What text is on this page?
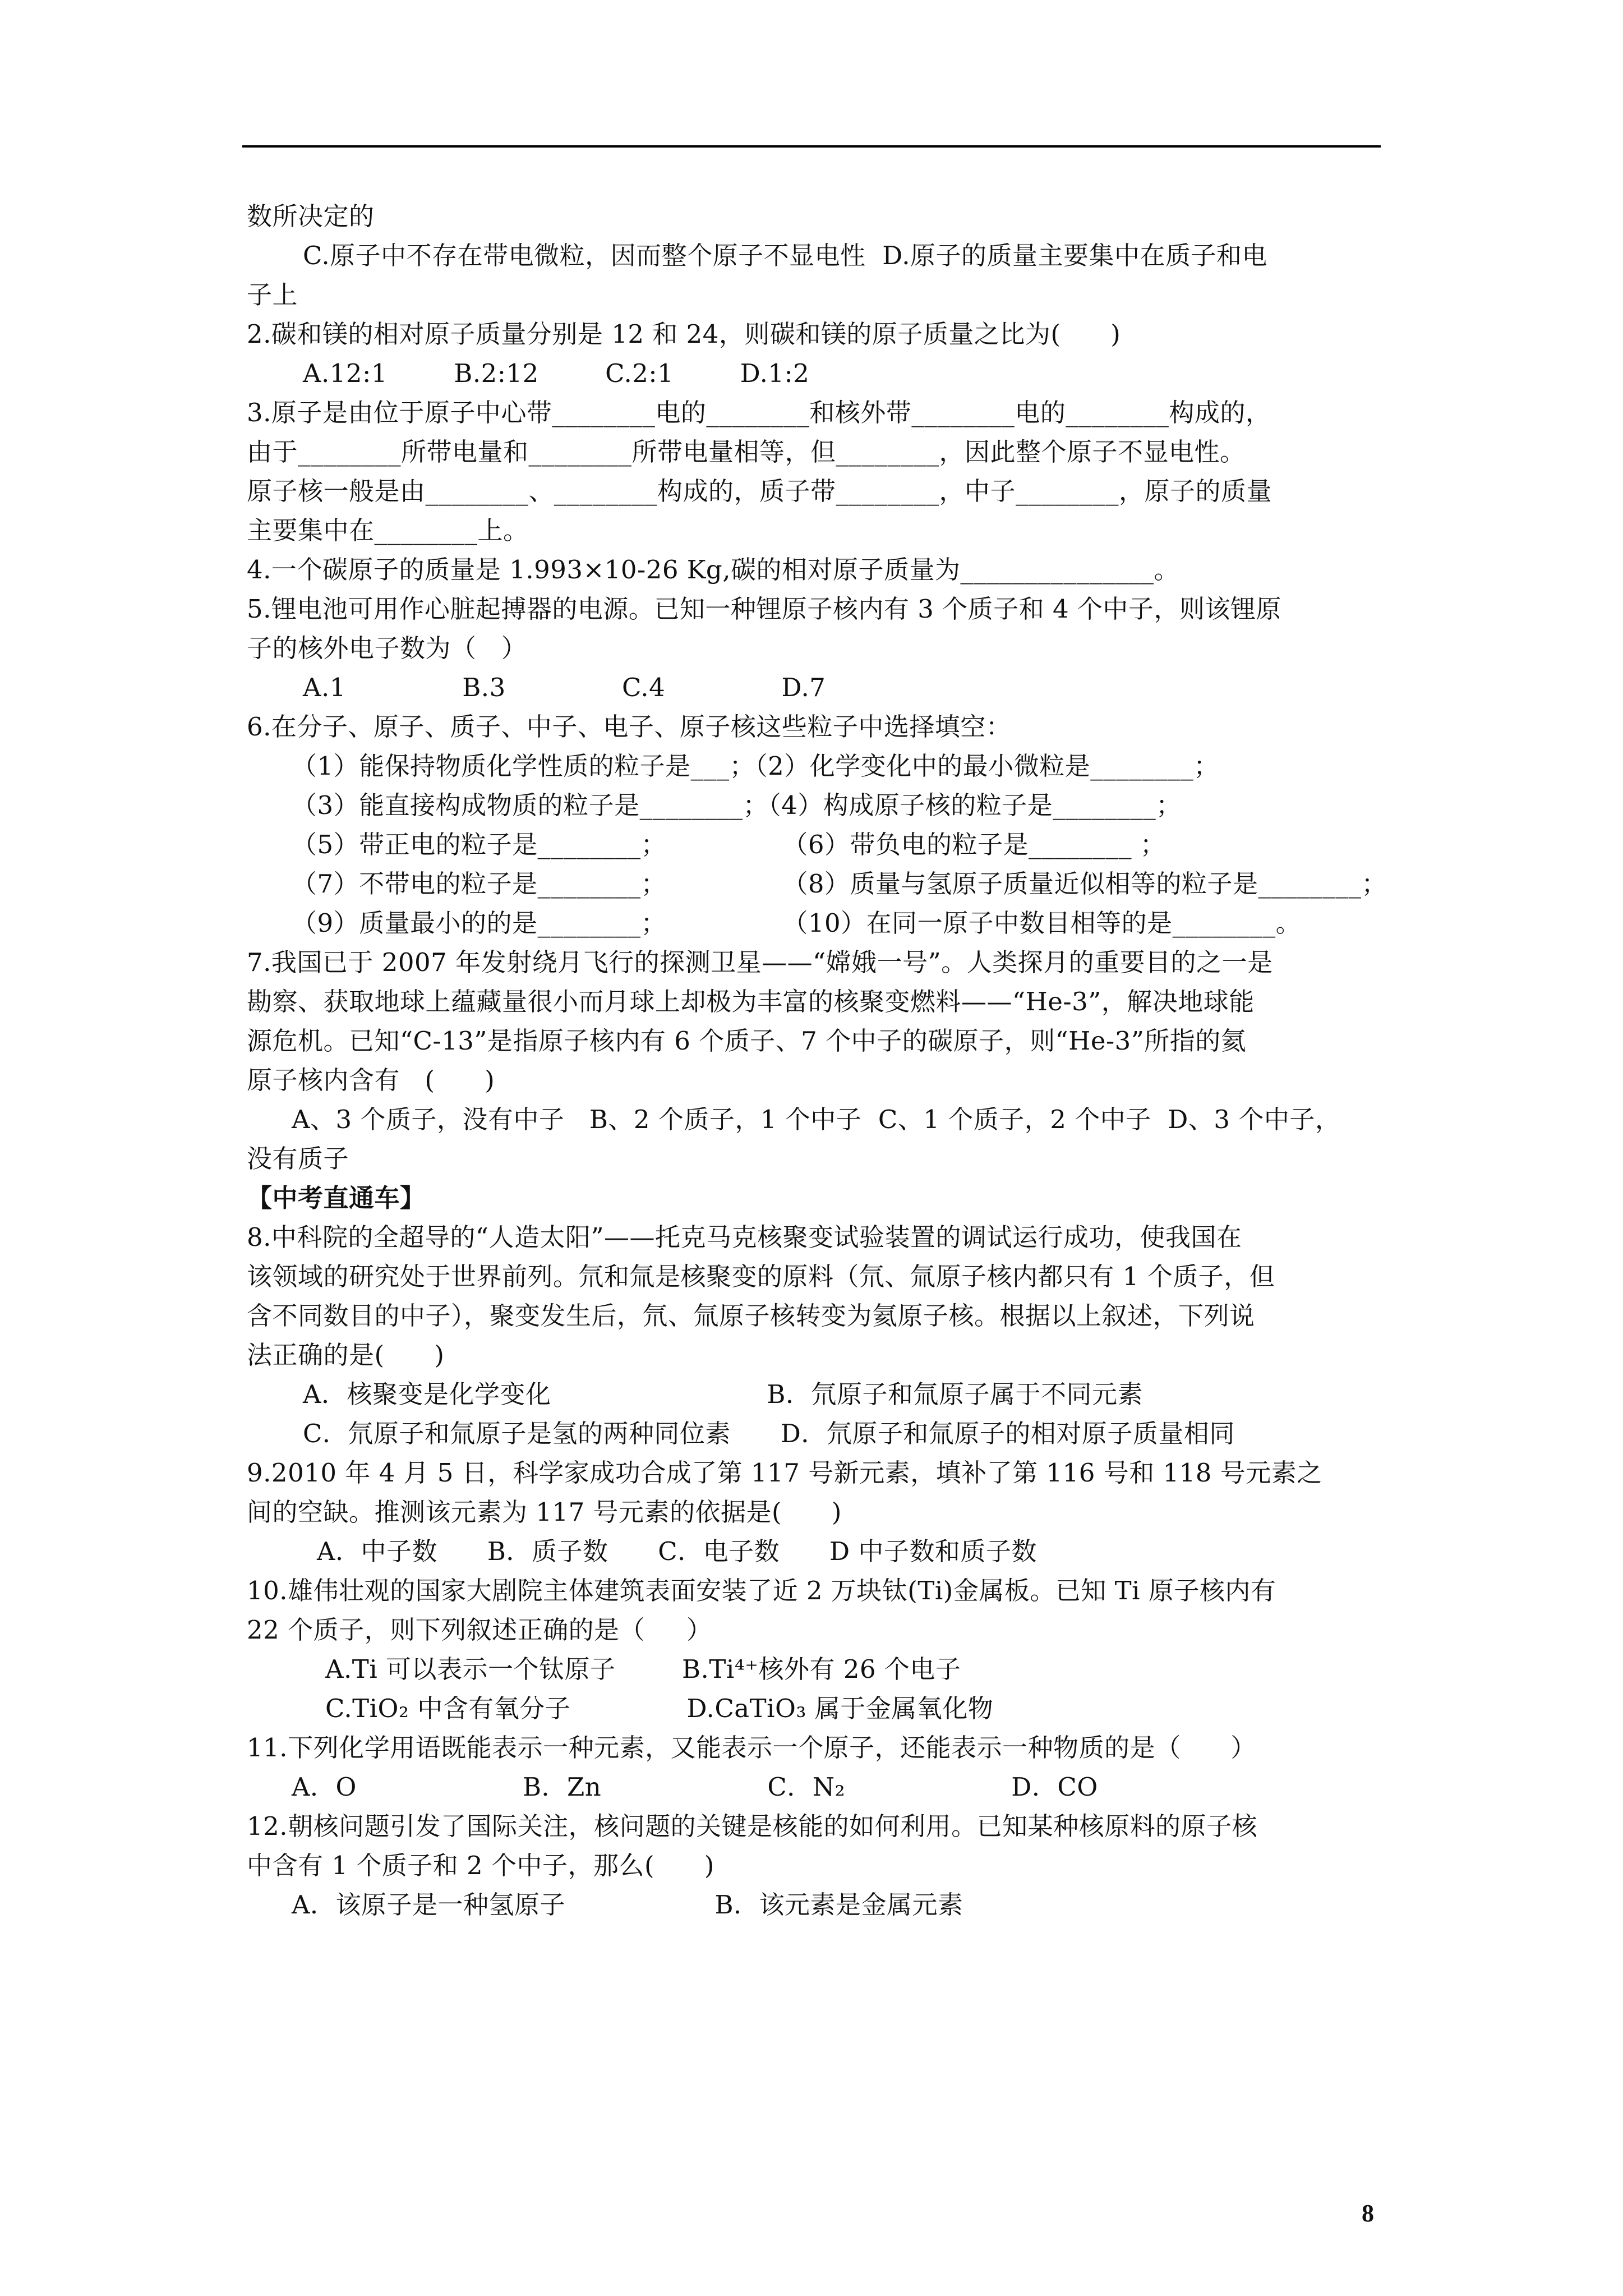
数所决定的
C.原子中不存在带电微粒，因而整个原子不显电性  D.原子的质量主要集中在质子和电
子上
2.碳和镁的相对原子质量分别是 12 和 24，则碳和镁的原子质量之比为(      )
A.12:1        B.2:12        C.2:1        D.1:2
3.原子是由位于原子中心带________电的________和核外带________电的________构成的，
由于________所带电量和________所带电量相等，但________，因此整个原子不显电性。
原子核一般是由________、________构成的，质子带________，中子________，原子的质量
主要集中在________上。
4.一个碳原子的质量是 1.993×10-26 Kg,碳的相对原子质量为_______________。
5.锂电池可用作心脏起搏器的电源。已知一种锂原子核内有 3 个质子和 4 个中子，则该锂原
子的核外电子数为（   ）
A.1              B.3              C.4              D.7
6.在分子、原子、质子、中子、电子、原子核这些粒子中选择填空：
（1）能保持物质化学性质的粒子是___；（2）化学变化中的最小微粒是________；
（3）能直接构成物质的粒子是________；（4）构成原子核的粒子是________；
（5）带正电的粒子是________；              （6）带负电的粒子是________ ；
（7）不带电的粒子是________；              （8）质量与氢原子质量近似相等的粒子是________；
（9）质量最小的的是________；              （10）在同一原子中数目相等的是________。
7.我国已于 2007 年发射绕月飞行的探测卫星——“嫦娥一号”。人类探月的重要目的之一是
勘察、获取地球上蕴藏量很小而月球上却极为丰富的核聚变燃料——“He-3”，解决地球能
源危机。已知“C-13”是指原子核内有 6 个质子、7 个中子的碳原子，则“He-3”所指的氦
原子核内含有   (      )
A、3 个质子，没有中子   B、2 个质子，1 个中子  C、1 个质子，2 个中子  D、3 个中子，
没有质子
【中考直通车】
8.中科院的全超导的“人造太阳”——托克马克核聚变试验装置的调试运行成功，使我国在
该领域的研究处于世界前列。氘和氚是核聚变的原料（氘、氚原子核内都只有 1 个质子，但
含不同数目的中子），聚变发生后，氘、氚原子核转变为氦原子核。根据以上叙述，下列说
法正确的是(      )
A．核聚变是化学变化                          B．氘原子和氚原子属于不同元素
C．氘原子和氚原子是氢的两种同位素      D．氘原子和氚原子的相对原子质量相同
9.2010 年 4 月 5 日，科学家成功合成了第 117 号新元素，填补了第 116 号和 118 号元素之
间的空缺。推测该元素为 117 号元素的依据是(      )
A．中子数      B．质子数      C．电子数      D 中子数和质子数
10.雄伟壮观的国家大剧院主体建筑表面安装了近 2 万块钛(Ti)金属板。已知 Ti 原子核内有
22 个质子，则下列叙述正确的是（     ）
A.Ti 可以表示一个钛原子        B.Ti⁴⁺核外有 26 个电子
C.TiO₂ 中含有氧分子              D.CaTiO₃ 属于金属氧化物
11.下列化学用语既能表示一种元素，又能表示一个原子，还能表示一种物质的是（      ）
A．O                    B．Zn                    C．N₂                    D．CO
12.朝核问题引发了国际关注，核问题的关键是核能的如何利用。已知某种核原料的原子核
中含有 1 个质子和 2 个中子，那么(      )
A．该原子是一种氢原子                  B．该元素是金属元素
8
